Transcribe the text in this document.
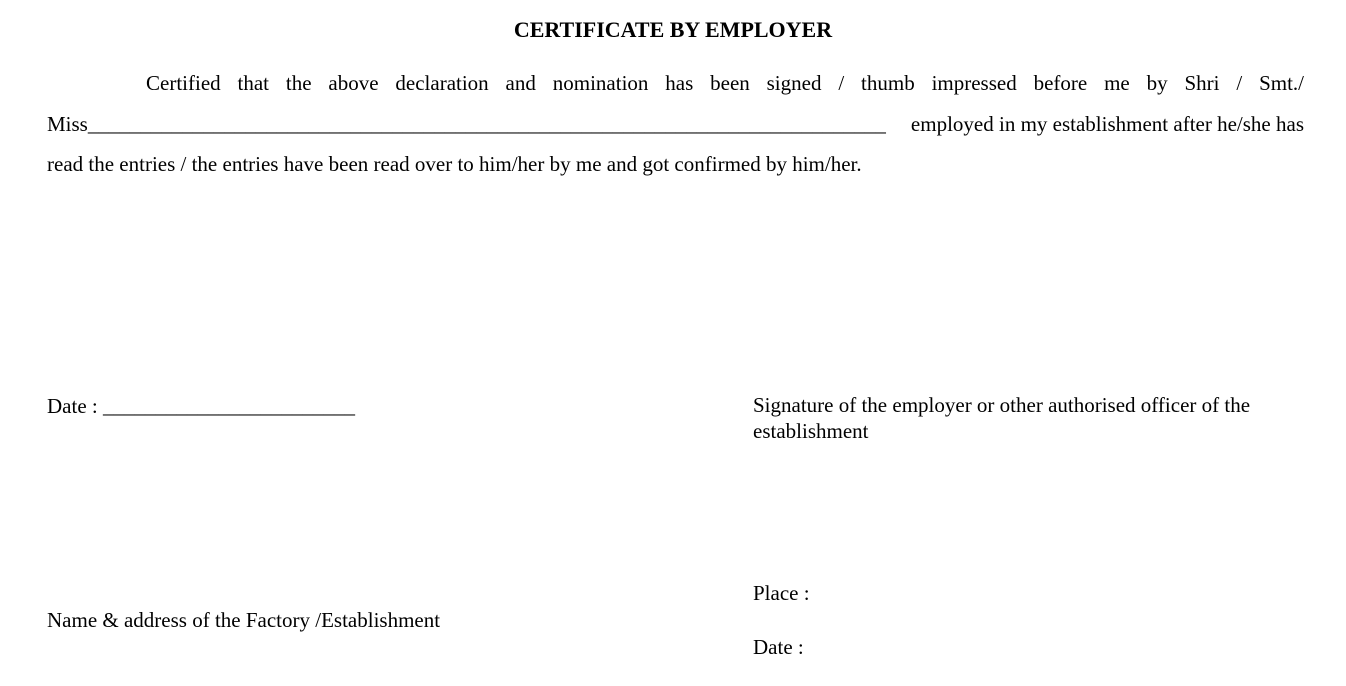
CERTIFICATE BY EMPLOYER
Certified that the above declaration and nomination has been signed / thumb impressed before me by Shri / Smt./
Miss____________________________________________________________________________ employed in my establishment after he/she has
read the entries / the entries have been read over to him/her by me and got confirmed by him/her.
Date : ________________________	Signature of the employer or other authorised officer of the establishment
Place :
Date :
Name & address of the Factory /Establishment
